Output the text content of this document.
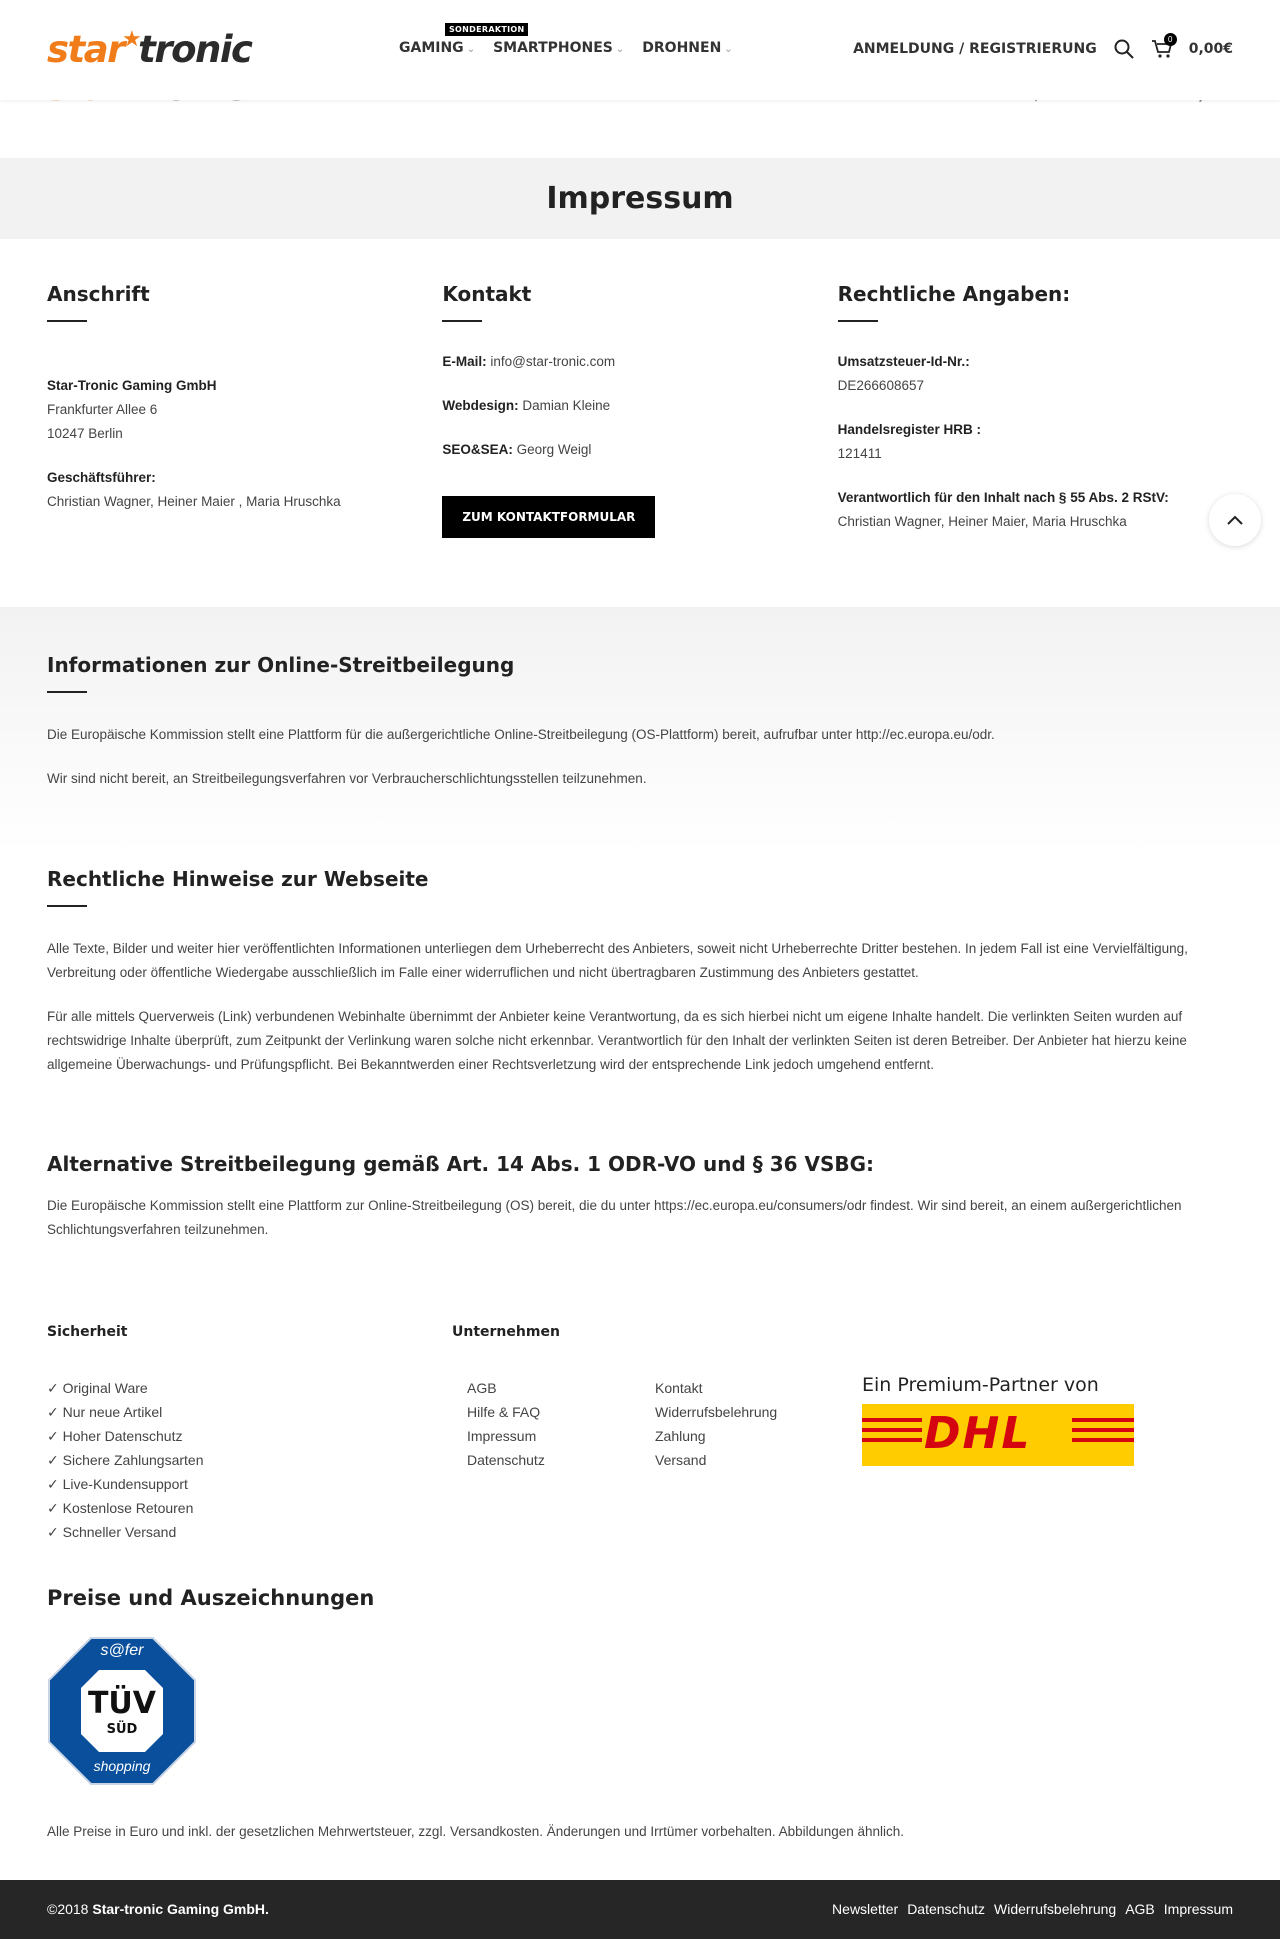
star★tronic	SONDERAKTION
GAMING ⌄ SMARTPHONES ⌄ DROHNEN ⌄	ANMELDUNG / REGISTRIERUNG
0
0,00€
Impressum
Anschrift
Star-Tronic Gaming GmbH
Frankfurter Allee 6
10247 Berlin
Geschäftsführer:
Christian Wagner, Heiner Maier , Maria Hruschka
Kontakt
E-Mail: info@star-tronic.com
Webdesign: Damian Kleine
SEO&SEA: Georg Weigl
ZUM KONTAKTFORMULAR
Rechtliche Angaben:
Umsatzsteuer-Id-Nr.:
DE266608657
Handelsregister HRB :
121411
Verantwortlich für den Inhalt nach § 55 Abs. 2 RStV:
Christian Wagner, Heiner Maier, Maria Hruschka
Informationen zur Online-Streitbeilegung

Die Europäische Kommission stellt eine Plattform für die außergerichtliche Online-Streitbeilegung (OS-Plattform) bereit, aufrufbar unter http://ec.europa.eu/odr.

Wir sind nicht bereit, an Streitbeilegungsverfahren vor Verbraucherschlichtungsstellen teilzunehmen.

Rechtliche Hinweise zur Webseite

Alle Texte, Bilder und weiter hier veröffentlichten Informationen unterliegen dem Urheberrecht des Anbieters, soweit nicht Urheberrechte Dritter bestehen. In jedem Fall ist eine Vervielfältigung, Verbreitung oder öffentliche Wiedergabe ausschließlich im Falle einer widerruflichen und nicht übertragbaren Zustimmung des Anbieters gestattet.

Für alle mittels Querverweis (Link) verbundenen Webinhalte übernimmt der Anbieter keine Verantwortung, da es sich hierbei nicht um eigene Inhalte handelt. Die verlinkten Seiten wurden auf rechtswidrige Inhalte überprüft, zum Zeitpunkt der Verlinkung waren solche nicht erkennbar. Verantwortlich für den Inhalt der verlinkten Seiten ist deren Betreiber. Der Anbieter hat hierzu keine allgemeine Überwachungs- und Prüfungspflicht. Bei Bekanntwerden einer Rechtsverletzung wird der entsprechende Link jedoch umgehend entfernt.

Alternative Streitbeilegung gemäß Art. 14 Abs. 1 ODR-VO und § 36 VSBG:

Die Europäische Kommission stellt eine Plattform zur Online-Streitbeilegung (OS) bereit, die du unter https://ec.europa.eu/consumers/odr findest. Wir sind bereit, an einem außergerichtlichen Schlichtungsverfahren teilzunehmen.

Sicherheit
✓ Original Ware
✓ Nur neue Artikel
✓ Hoher Datenschutz
✓ Sichere Zahlungsarten
✓ Live-Kundensupport
✓ Kostenlose Retouren
✓ Schneller Versand
Unternehmen
AGB
Hilfe & FAQ
Impressum
Datenschutz
Kontakt
Widerrufsbelehrung
Zahlung
Versand
Ein Premium-Partner von
DHL
Preise und Auszeichnungen
s@fer
TÜV
SÜD
shopping
Alle Preise in Euro und inkl. der gesetzlichen Mehrwertsteuer, zzgl. Versandkosten. Änderungen und Irrtümer vorbehalten. Abbildungen ähnlich.
©2018 Star-tronic Gaming GmbH.	Newsletter Datenschutz Widerrufsbelehrung AGB Impressum
